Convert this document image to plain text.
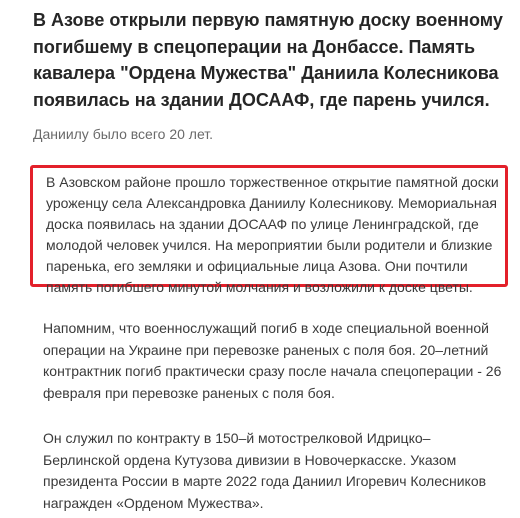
В Азове открыли первую памятную доску военному погибшему в спецоперации на Донбассе. Память кавалера "Ордена Мужества" Даниила Колесникова появилась на здании ДОСААФ, где парень учился.

Даниилу было всего 20 лет.

В Азовском районе прошло торжественное открытие памятной доски уроженцу села Александровка Даниилу Колесникову. Мемориальная доска появилась на здании ДОСААФ по улице Ленинградской, где молодой человек учился. На мероприятии были родители и близкие паренька, его земляки и официальные лица Азова. Они почтили память погибшего минутой молчания и возложили к доске цветы.

Напомним, что военнослужащий погиб в ходе специальной военной операции на Украине при перевозке раненых с поля боя. 20–летний контрактник погиб практически сразу после начала спецоперации - 26 февраля при перевозке раненых с поля боя.

Он служил по контракту в 150–й мотострелковой Идрицко–Берлинской ордена Кутузова дивизии в Новочеркасске. Указом президента России в марте 2022 года Даниил Игоревич Колесников награжден «Орденом Мужества».
